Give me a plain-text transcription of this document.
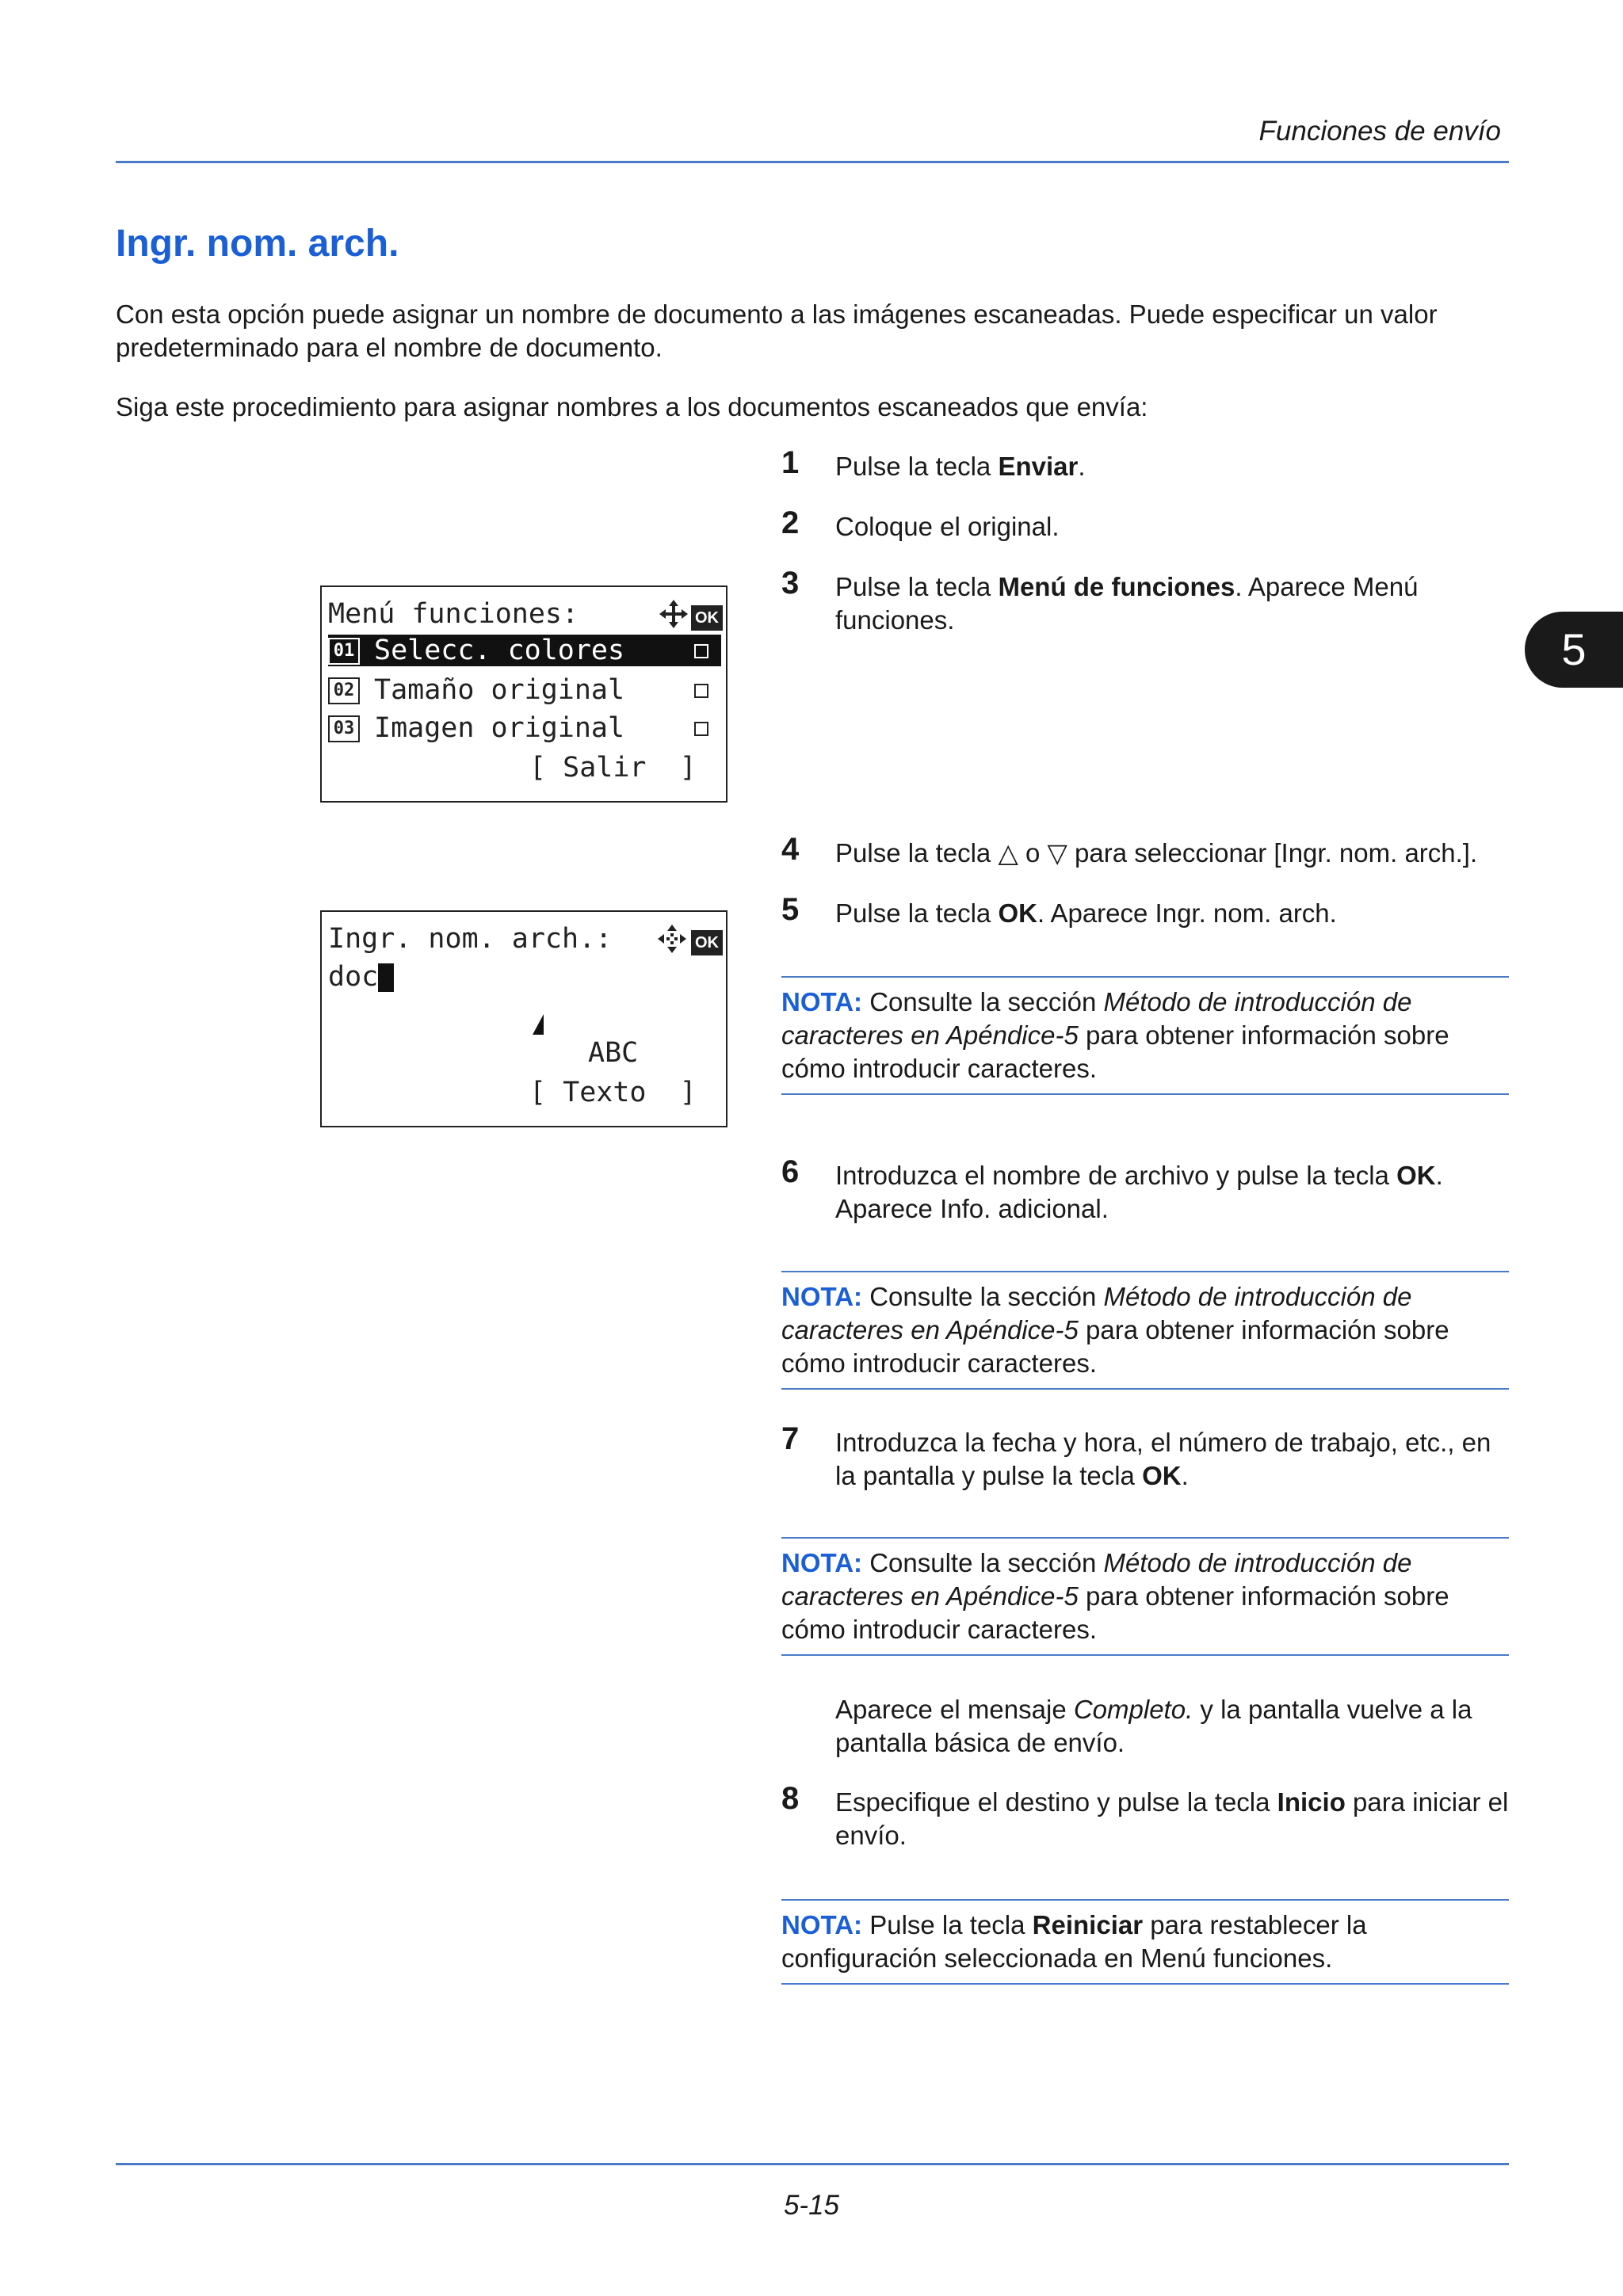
Funciones de envío
Ingr. nom. arch.
Con esta opción puede asignar un nombre de documento a las imágenes escaneadas. Puede especificar un valor predeterminado para el nombre de documento.
Siga este procedimiento para asignar nombres a los documentos escaneados que envía:
5
Menú funciones:	OK
01 Selecc. colores
02 Tamaño original
03 Imagen original
[ Salir  ]
Ingr. nom. arch.:	OK
doc
ABC
[ Texto  ]
1 Pulse la tecla Enviar.
2 Coloque el original.
3 Pulse la tecla Menú de funciones. Aparece Menú funciones.
4 Pulse la tecla △ o ▽ para seleccionar [Ingr. nom. arch.].
5 Pulse la tecla OK. Aparece Ingr. nom. arch.
NOTA: Consulte la sección Método de introducción de caracteres en Apéndice-5 para obtener información sobre cómo introducir caracteres.
6 Introduzca el nombre de archivo y pulse la tecla OK. Aparece Info. adicional.
NOTA: Consulte la sección Método de introducción de caracteres en Apéndice-5 para obtener información sobre cómo introducir caracteres.
7 Introduzca la fecha y hora, el número de trabajo, etc., en la pantalla y pulse la tecla OK.
NOTA: Consulte la sección Método de introducción de caracteres en Apéndice-5 para obtener información sobre cómo introducir caracteres.
Aparece el mensaje Completo. y la pantalla vuelve a la pantalla básica de envío.
8 Especifique el destino y pulse la tecla Inicio para iniciar el envío.
NOTA: Pulse la tecla Reiniciar para restablecer la configuración seleccionada en Menú funciones.
5-15
